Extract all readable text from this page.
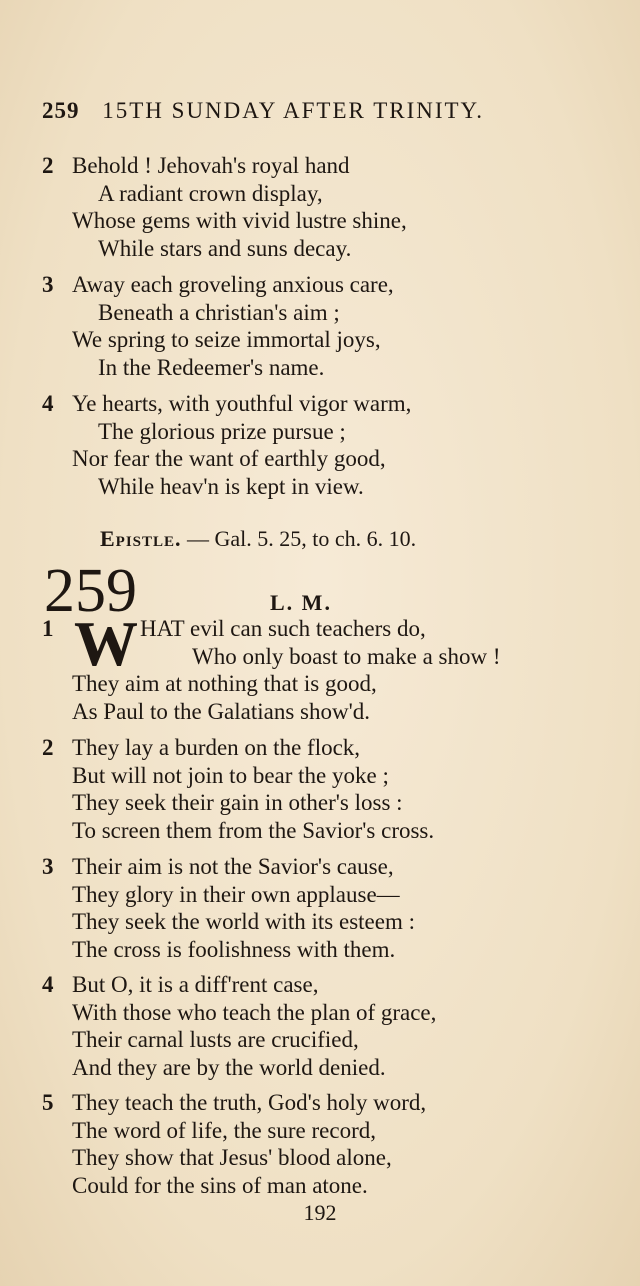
259 15TH SUNDAY AFTER TRINITY.
2 Behold ! Jehovah's royal hand
A radiant crown display,
Whose gems with vivid lustre shine,
While stars and suns decay.
3 Away each groveling anxious care,
Beneath a christian's aim ;
We spring to seize immortal joys,
In the Redeemer's name.
4 Ye hearts, with youthful vigor warm,
The glorious prize pursue ;
Nor fear the want of earthly good,
While heav'n is kept in view.
Epistle. — Gal. 5. 25, to ch. 6. 10.
259	L. M.
1 W HAT evil can such teachers do,
Who only boast to make a show !
They aim at nothing that is good,
As Paul to the Galatians show'd.
2 They lay a burden on the flock,
But will not join to bear the yoke ;
They seek their gain in other's loss :
To screen them from the Savior's cross.
3 Their aim is not the Savior's cause,
They glory in their own applause—
They seek the world with its esteem :
The cross is foolishness with them.
4 But O, it is a diff'rent case,
With those who teach the plan of grace,
Their carnal lusts are crucified,
And they are by the world denied.
5 They teach the truth, God's holy word,
The word of life, the sure record,
They show that Jesus' blood alone,
Could for the sins of man atone.
192
